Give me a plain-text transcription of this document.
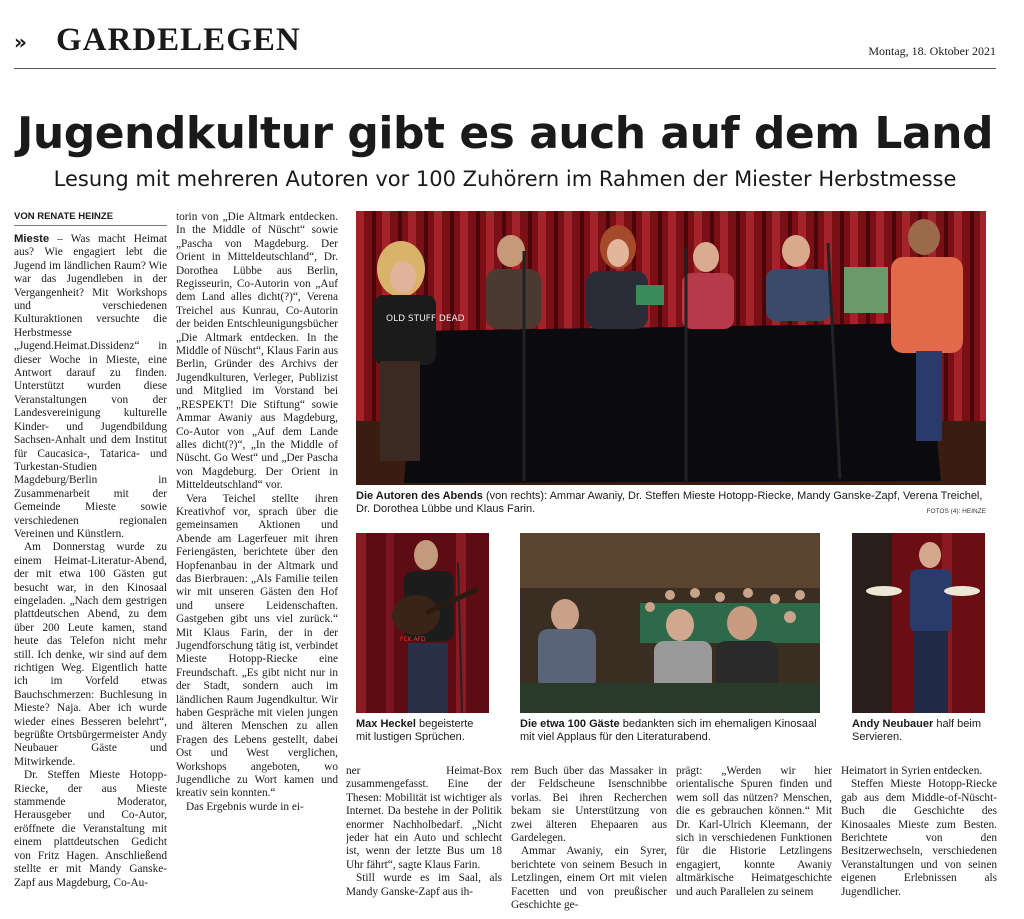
» GARDELEGEN	Montag, 18. Oktober 2021
Jugendkultur gibt es auch auf dem Land
Lesung mit mehreren Autoren vor 100 Zuhörern im Rahmen der Miester Herbstmesse
VON RENATE HEINZE

Mieste – Was macht Heimat aus? Wie engagiert lebt die Jugend im ländlichen Raum? Wie war das Jugendleben in der Vergangenheit? Mit Workshops und verschiedenen Kulturaktionen versuchte die Herbstmesse „Jugend.Heimat.Dissidenz“ in dieser Woche in Mieste, eine Antwort darauf zu finden. Unterstützt wurden diese Veranstaltungen von der Landesvereinigung kulturelle Kinder- und Jugendbildung Sachsen-Anhalt und dem Institut für Caucasica-, Tatarica- und Turkestan-Studien Magdeburg/Berlin in Zusammenarbeit mit der Gemeinde Mieste sowie verschiedenen regionalen Vereinen und Künstlern.

Am Donnerstag wurde zu einem Heimat-Literatur-Abend, der mit etwa 100 Gästen gut besucht war, in den Kinosaal eingeladen. „Nach dem gestrigen plattdeutschen Abend, zu dem über 200 Leute kamen, stand heute das Telefon nicht mehr still. Ich denke, wir sind auf dem richtigen Weg. Eigentlich hatte ich im Vorfeld etwas Bauchschmerzen: Buchlesung in Mieste? Naja. Aber ich wurde wieder eines Besseren belehrt“, begrüßte Ortsbürgermeister Andy Neubauer Gäste und Mitwirkende.

Dr. Steffen Mieste Hotopp-Riecke, der aus Mieste stammende Moderator, Herausgeber und Co-Autor, eröffnete die Veranstaltung mit einem plattdeutschen Gedicht von Fritz Hagen. Anschließend stellte er mit Mandy Ganske-Zapf aus Magdeburg, Co-Au-

torin von „Die Altmark entdecken. In the Middle of Nüscht“ sowie „Pascha von Magdeburg. Der Orient in Mitteldeutschland“, Dr. Dorothea Lübbe aus Berlin, Regisseurin, Co-Autorin von „Auf dem Land alles dicht(?)“, Verena Treichel aus Kunrau, Co-Autorin der beiden Entschleunigungsbücher „Die Altmark entdecken. In the Middle of Nüscht“, Klaus Farin aus Berlin, Gründer des Archivs der Jugendkulturen, Verleger, Publizist und Mitglied im Vorstand bei „RESPEKT! Die Stiftung“ sowie Ammar Awaniy aus Magdeburg, Co-Autor von „Auf dem Lande alles dicht(?)“, „In the Middle of Nüscht. Go West“ und „Der Pascha von Magdeburg. Der Orient in Mitteldeutschland“ vor.

Vera Teichel stellte ihren Kreativhof vor, sprach über die gemeinsamen Aktionen und Abende am Lagerfeuer mit ihren Feriengästen, berichtete über den Hopfenanbau in der Altmark und das Bierbrauen: „Als Familie teilen wir mit unseren Gästen den Hof und unsere Leidenschaften. Gastgeben gibt uns viel zurück.“ Mit Klaus Farin, der in der Jugendforschung tätig ist, verbindet Mieste Hotopp-Riecke eine Freundschaft. „Es gibt nicht nur in der Stadt, sondern auch im ländlichen Raum Jugendkultur. Wir haben Gespräche mit vielen jungen und älteren Menschen zu allen Fragen des Lebens gestellt, dabei Ost und West verglichen, Workshops angeboten, wo Jugendliche zu Wort kamen und kreativ sein konnten.“

Das Ergebnis wurde in ei-

OLD STUFF DEAD
Die Autoren des Abends (von rechts): Ammar Awaniy, Dr. Steffen Mieste Hotopp-Riecke, Mandy Ganske-Zapf, Verena Treichel, Dr. Dorothea Lübbe und Klaus Farin.	FOTOS (4): HEINZE
FCK AFD
Max Heckel begeisterte mit lustigen Sprüchen.
Die etwa 100 Gäste bedankten sich im ehemaligen Kinosaal mit viel Applaus für den Literaturabend.
Andy Neubauer half beim Servieren.

ner Heimat-Box zusammengefasst. Eine der Thesen: Mobilität ist wichtiger als Internet. Da bestehe in der Politik enormer Nachholbedarf. „Nicht jeder hat ein Auto und schlecht ist, wenn der letzte Bus um 18 Uhr fährt“, sagte Klaus Farin.

Still wurde es im Saal, als Mandy Ganske-Zapf aus ih-

rem Buch über das Massaker in der Feldscheune Isenschnibbe vorlas. Bei ihren Recherchen bekam sie Unterstützung von zwei älteren Ehepaaren aus Gardelegen.

Ammar Awaniy, ein Syrer, berichtete von seinem Besuch in Letzlingen, einem Ort mit vielen Facetten und von preußischer Geschichte ge-

prägt: „Werden wir hier orientalische Spuren finden und wem soll das nützen? Menschen, die es gebrauchen können.“ Mit Dr. Karl-Ulrich Kleemann, der sich in verschiedenen Funktionen für die Historie Letzlingens engagiert, konnte Awaniy altmärkische Heimatgeschichte und auch Parallelen zu seinem

Heimatort in Syrien entdecken.

Steffen Mieste Hotopp-Riecke gab aus dem Middle-of-Nüscht-Buch die Geschichte des Kinosaales Mieste zum Besten. Berichtete von den Besitzerwechseln, verschiedenen Veranstaltungen und von seinen eigenen Erlebnissen als Jugendlicher.
